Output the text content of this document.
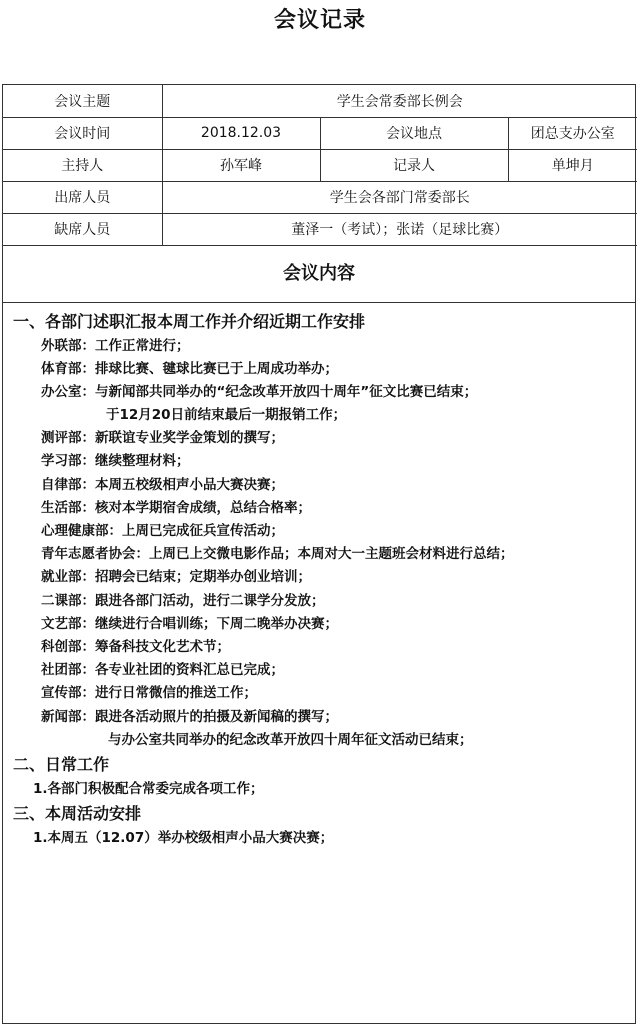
会议记录
会议主题	学生会常委部长例会		
会议时间	2018.12.03	会议地点	团总支办公室
主持人	孙军峰	记录人	单坤月
出席人员	学生会各部门常委部长		
缺席人员	董泽一（考试）；张诺（足球比赛）		
会议内容
一、各部门述职汇报本周工作并介绍近期工作安排
外联部：工作正常进行；
体育部：排球比赛、毽球比赛已于上周成功举办；
办公室：与新闻部共同举办的“纪念改革开放四十周年”征文比赛已结束；
于12月20日前结束最后一期报销工作；
测评部：新联谊专业奖学金策划的撰写；
学习部：继续整理材料；
自律部：本周五校级相声小品大赛决赛；
生活部：核对本学期宿舍成绩，总结合格率；
心理健康部：上周已完成征兵宣传活动；
青年志愿者协会：上周已上交微电影作品；本周对大一主题班会材料进行总结；
就业部：招聘会已结束；定期举办创业培训；
二课部：跟进各部门活动，进行二课学分发放；
文艺部：继续进行合唱训练；下周二晚举办决赛；
科创部：筹备科技文化艺术节；
社团部：各专业社团的资料汇总已完成；
宣传部：进行日常微信的推送工作；
新闻部：跟进各活动照片的拍摄及新闻稿的撰写；
与办公室共同举办的纪念改革开放四十周年征文活动已结束；
二、日常工作
1.各部门积极配合常委完成各项工作；
三、本周活动安排
1.本周五（12.07）举办校级相声小品大赛决赛；
